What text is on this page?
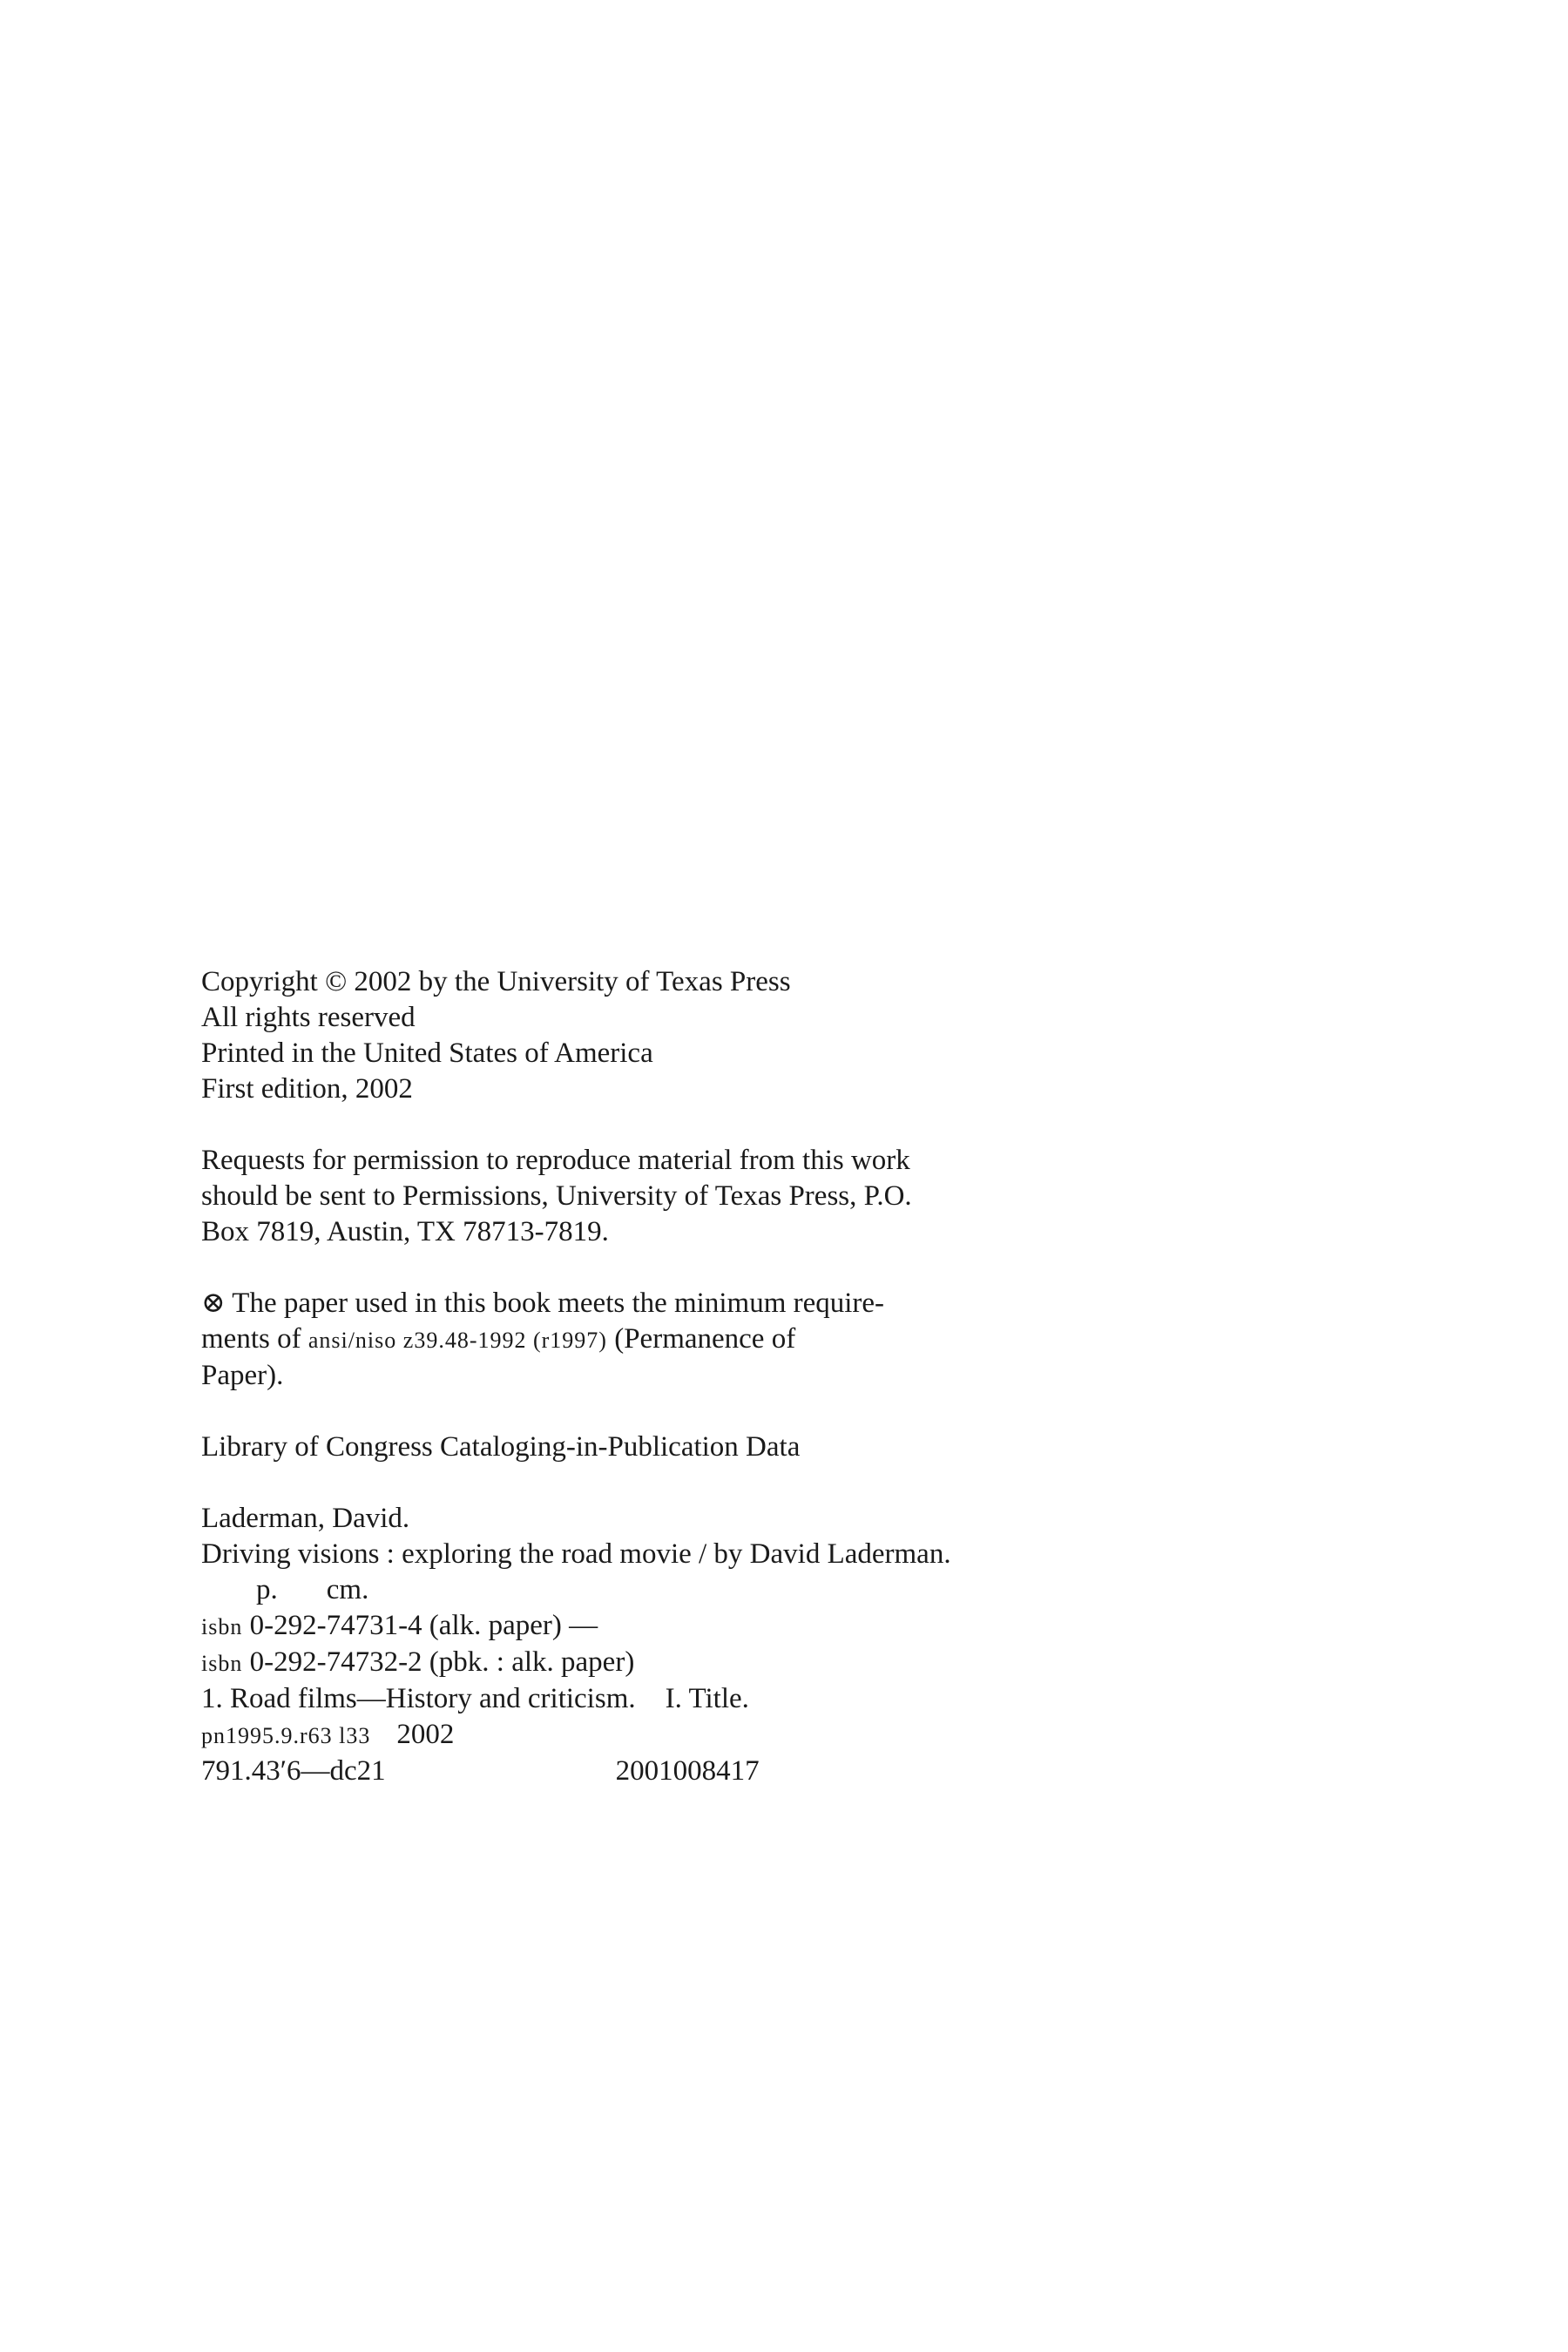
Copyright © 2002 by the University of Texas Press
All rights reserved
Printed in the United States of America
First edition, 2002
Requests for permission to reproduce material from this work
should be sent to Permissions, University of Texas Press, P.O.
Box 7819, Austin, TX 78713-7819.
⊗ The paper used in this book meets the minimum require-
ments of ansi/niso z39.48-1992 (r1997) (Permanence of
Paper).
Library of Congress Cataloging-in-Publication Data
Laderman, David.
Driving visions : exploring the road movie / by David Laderman.
p. cm.
isbn 0-292-74731-4 (alk. paper) —
isbn 0-292-74732-2 (pbk. : alk. paper)
1. Road films—History and criticism. I. Title.
pn1995.9.r63 l33 2002
791.43′6—dc21	2001008417
